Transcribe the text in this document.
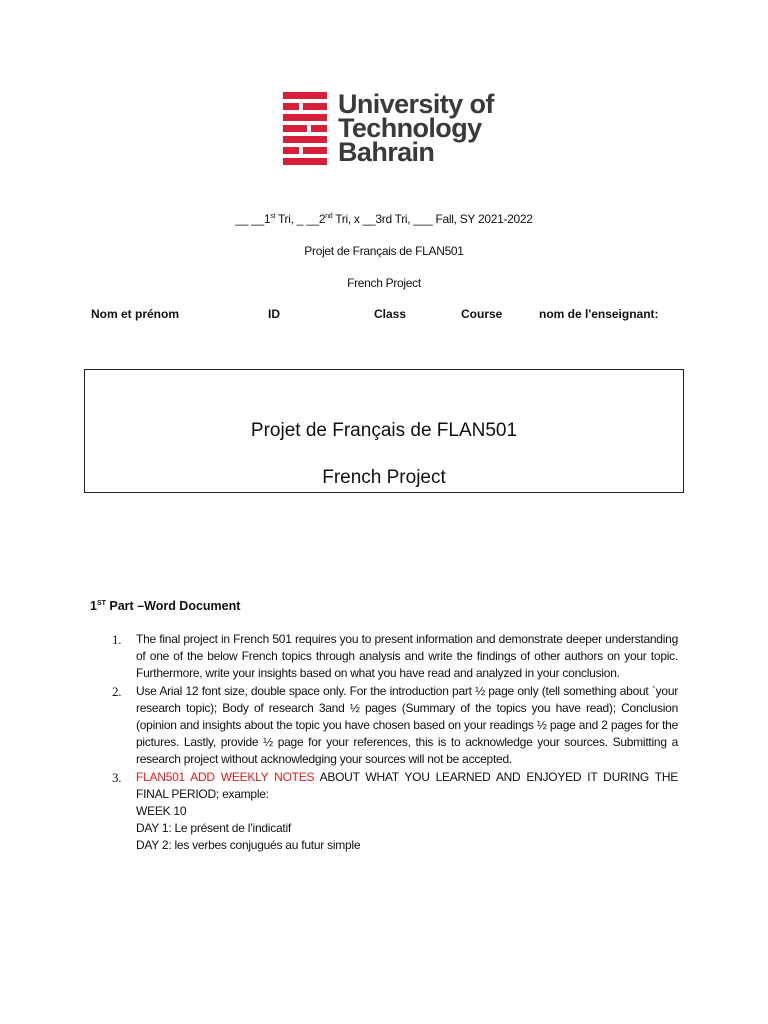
University of
Technology
Bahrain
__ __1st Tri, _ __2nd Tri, x __3rd Tri, ___ Fall, SY 2021-2022
Projet de Français de FLAN501
French Project
Nom et prénom	ID	Class	Course	nom de l'enseignant:
Projet de Français de FLAN501
French Project
1ST Part –Word Document
1. The final project in French 501 requires you to present information and demonstrate deeper understanding of one of the below French topics through analysis and write the findings of other authors on your topic. Furthermore, write your insights based on what you have read and analyzed in your conclusion.
2. Use Arial 12 font size, double space only. For the introduction part ½ page only (tell something about `your research topic); Body of research 3and ½ pages (Summary of the topics you have read); Conclusion (opinion and insights about the topic you have chosen based on your readings ½ page and 2 pages for the pictures. Lastly, provide ½ page for your references, this is to acknowledge your sources. Submitting a research project without acknowledging your sources will not be accepted.
3. FLAN501 ADD WEEKLY NOTES ABOUT WHAT YOU LEARNED AND ENJOYED IT DURING THE FINAL PERIOD; example:
WEEK 10
DAY 1: Le présent de l’indicatif
DAY 2: les verbes conjugués au futur simple
